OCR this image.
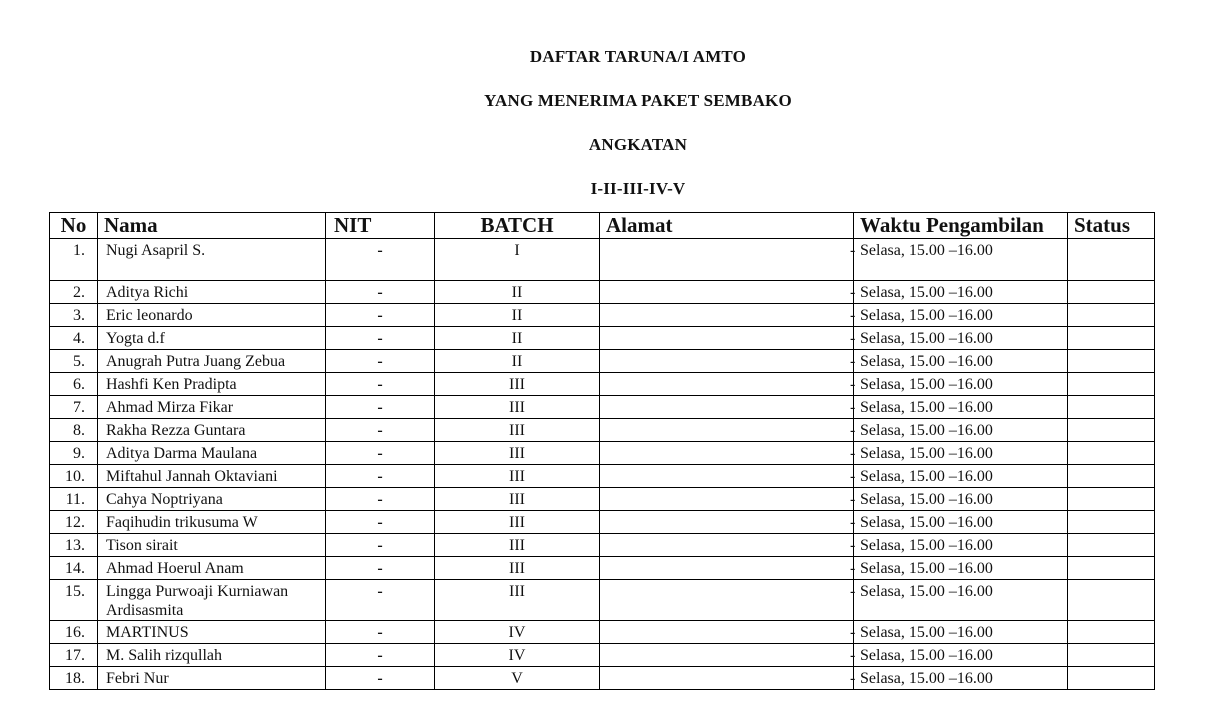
DAFTAR TARUNA/I AMTO
YANG MENERIMA PAKET SEMBAKO
ANGKATAN
I-II-III-IV-V
No	Nama	NIT	BATCH	Alamat	Waktu Pengambilan	Status
1.	Nugi Asapril S.	-	I	-	Selasa, 15.00 –16.00	
2.	Aditya Richi	-	II	-	Selasa, 15.00 –16.00	
3.	Eric leonardo	-	II	-	Selasa, 15.00 –16.00	
4.	Yogta d.f	-	II	-	Selasa, 15.00 –16.00	
5.	Anugrah Putra Juang Zebua	-	II	-	Selasa, 15.00 –16.00	
6.	Hashfi Ken Pradipta	-	III	-	Selasa, 15.00 –16.00	
7.	Ahmad Mirza Fikar	-	III	-	Selasa, 15.00 –16.00	
8.	Rakha Rezza Guntara	-	III	-	Selasa, 15.00 –16.00	
9.	Aditya Darma Maulana	-	III	-	Selasa, 15.00 –16.00	
10.	Miftahul Jannah Oktaviani	-	III	-	Selasa, 15.00 –16.00	
11.	Cahya Noptriyana	-	III	-	Selasa, 15.00 –16.00	
12.	Faqihudin trikusuma W	-	III	-	Selasa, 15.00 –16.00	
13.	Tison sirait	-	III	-	Selasa, 15.00 –16.00	
14.	Ahmad Hoerul Anam	-	III	-	Selasa, 15.00 –16.00	
15.	Lingga Purwoaji Kurniawan Ardisasmita	-	III	-	Selasa, 15.00 –16.00	
16.	MARTINUS	-	IV	-	Selasa, 15.00 –16.00	
17.	M. Salih rizqullah	-	IV	-	Selasa, 15.00 –16.00	
18.	Febri Nur	-	V	-	Selasa, 15.00 –16.00	
